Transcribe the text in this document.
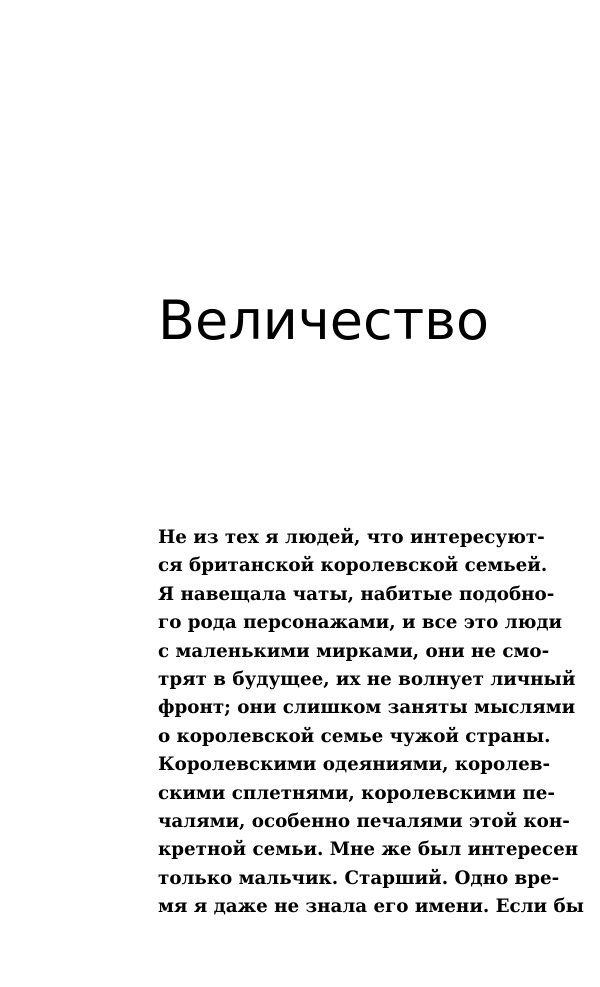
Величество
Не из тех я людей, что интересуют-
ся британской королевской семьей.
Я навещала чаты, набитые подобно-
го рода персонажами, и все это люди
с маленькими мирками, они не смо-
трят в будущее, их не волнует личный
фронт; они слишком заняты мыслями
о королевской семье чужой страны.
Королевскими одеяниями, королев-
скими сплетнями, королевскими пе-
чалями, особенно печалями этой кон-
кретной семьи. Мне же был интересен
только мальчик. Старший. Одно вре-
мя я даже не знала его имени. Если бы
